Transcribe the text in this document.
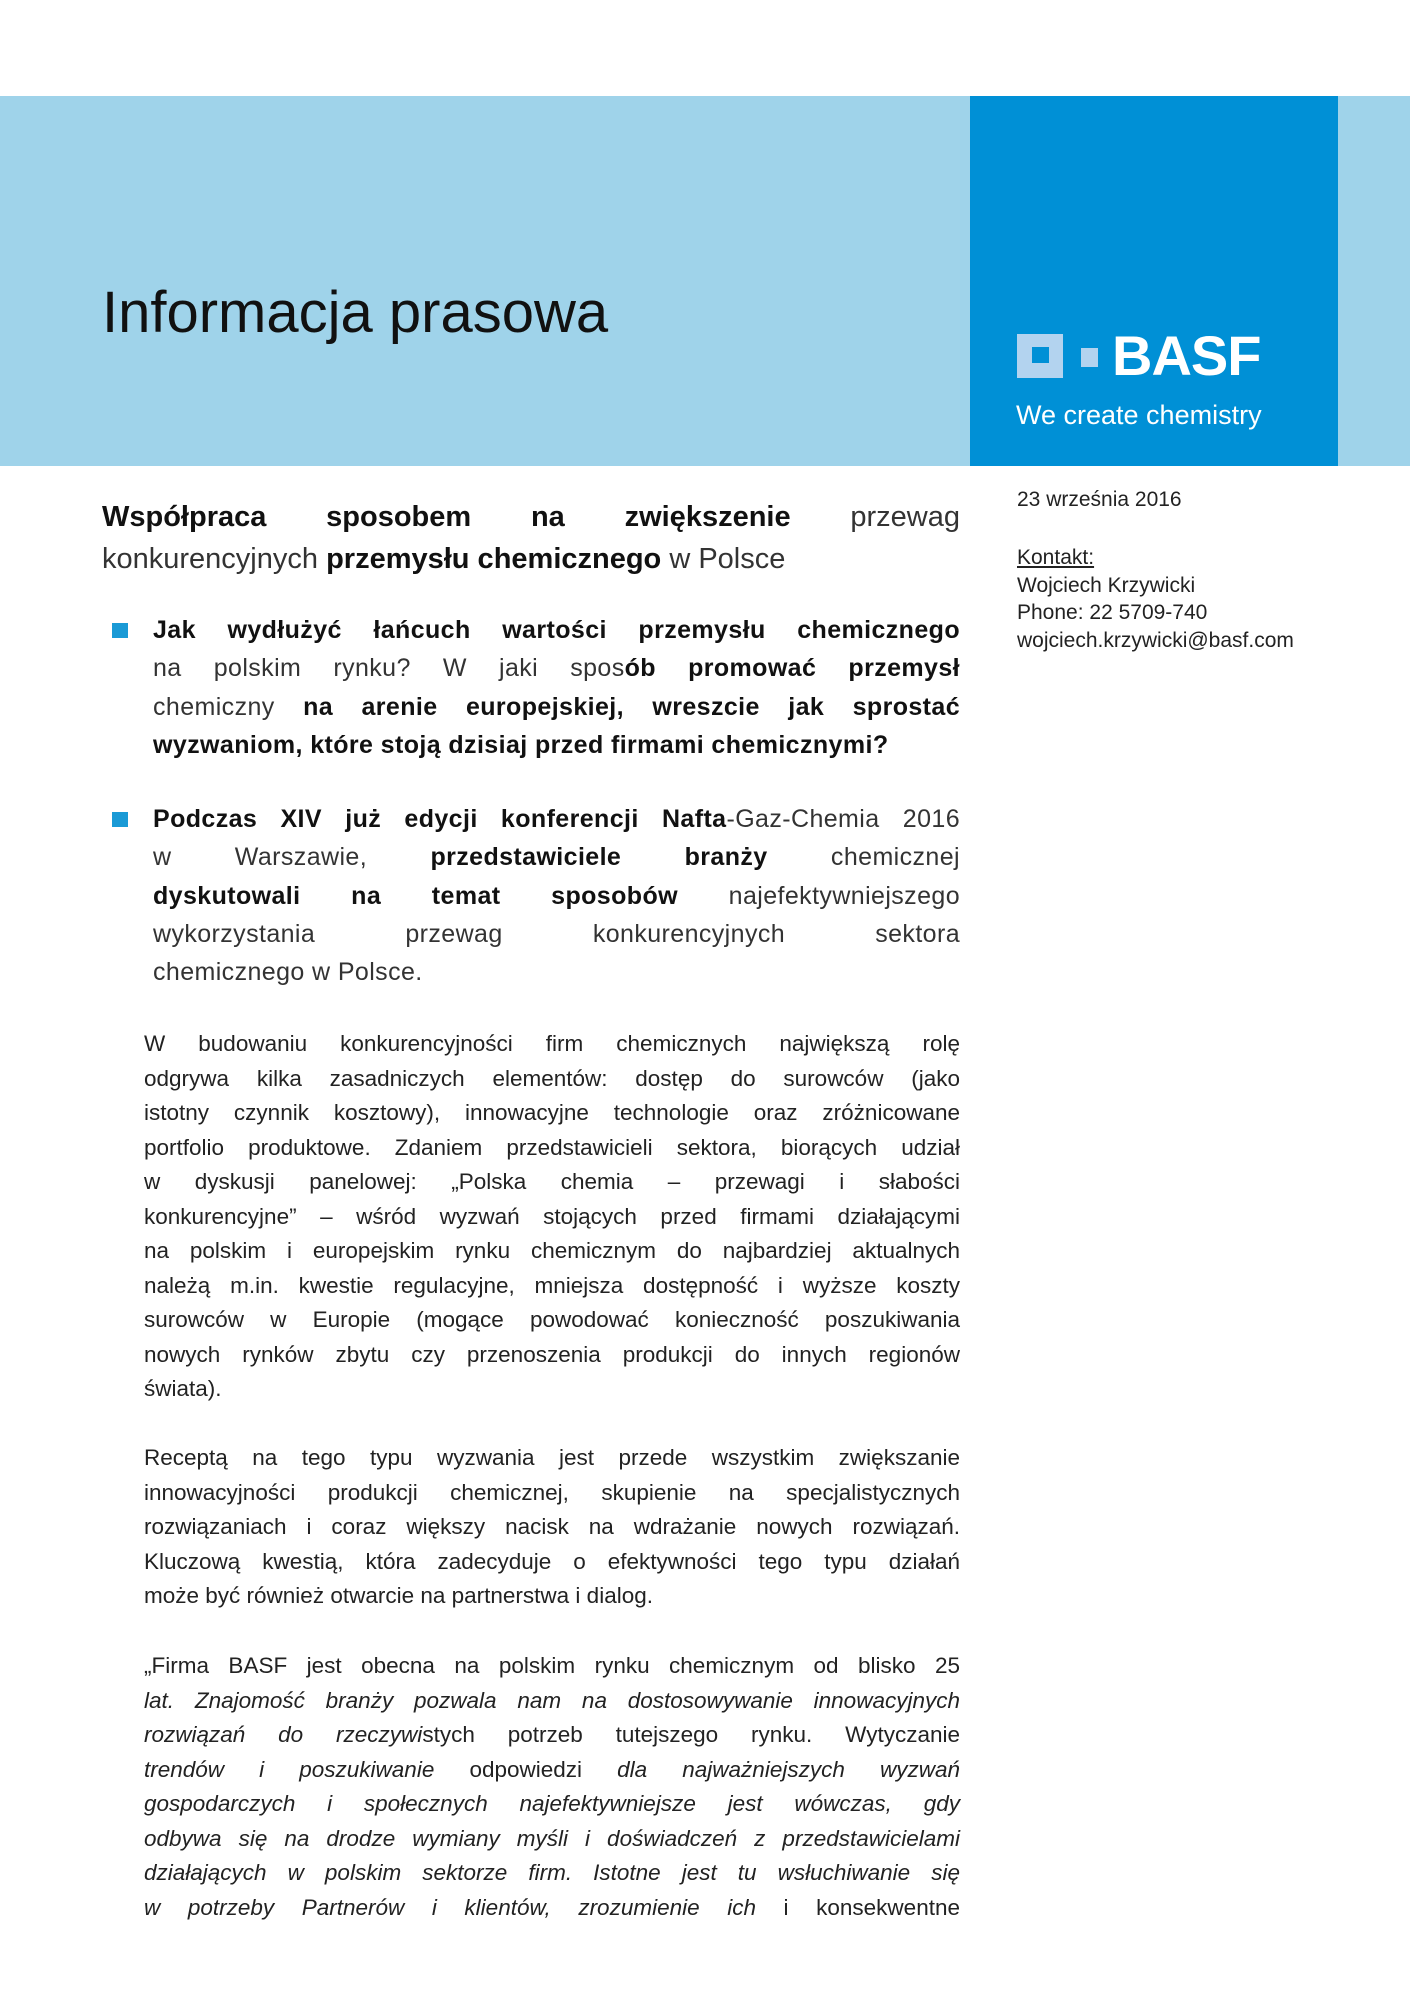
Informacja prasowa
BASF
We create chemistry
23 września 2016
Kontakt:
Wojciech Krzywicki
Phone: 22 5709-740
wojciech.krzywicki@basf.com
Współpraca sposobem na zwiększenie przewag
konkurencyjnych przemysłu chemicznego w Polsce
Jak wydłużyć łańcuch wartości przemysłu chemicznego
na polskim rynku? W jaki sposób promować przemysł
chemiczny na arenie europejskiej, wreszcie jak sprostać
wyzwaniom, które stoją dzisiaj przed firmami chemicznymi?
Podczas XIV już edycji konferencji Nafta-Gaz-Chemia 2016
w Warszawie, przedstawiciele branży chemicznej
dyskutowali na temat sposobów najefektywniejszego
wykorzystania przewag konkurencyjnych sektora
chemicznego w Polsce.
W budowaniu konkurencyjności firm chemicznych największą rolę
odgrywa kilka zasadniczych elementów: dostęp do surowców (jako
istotny czynnik kosztowy), innowacyjne technologie oraz zróżnicowane
portfolio produktowe. Zdaniem przedstawicieli sektora, biorących udział
w dyskusji panelowej: „Polska chemia – przewagi i słabości
konkurencyjne” – wśród wyzwań stojących przed firmami działającymi
na polskim i europejskim rynku chemicznym do najbardziej aktualnych
należą m.in. kwestie regulacyjne, mniejsza dostępność i wyższe koszty
surowców w Europie (mogące powodować konieczność poszukiwania
nowych rynków zbytu czy przenoszenia produkcji do innych regionów
świata).
Receptą na tego typu wyzwania jest przede wszystkim zwiększanie
innowacyjności produkcji chemicznej, skupienie na specjalistycznych
rozwiązaniach i coraz większy nacisk na wdrażanie nowych rozwiązań.
Kluczową kwestią, która zadecyduje o efektywności tego typu działań
może być również otwarcie na partnerstwa i dialog.
„Firma BASF jest obecna na polskim rynku chemicznym od blisko 25
lat. Znajomość branży pozwala nam na dostosowywanie innowacyjnych
rozwiązań do rzeczywistych potrzeb tutejszego rynku. Wytyczanie
trendów i poszukiwanie odpowiedzi dla najważniejszych wyzwań
gospodarczych i społecznych najefektywniejsze jest wówczas, gdy
odbywa się na drodze wymiany myśli i doświadczeń z przedstawicielami
działających w polskim sektorze firm. Istotne jest tu wsłuchiwanie się
w potrzeby Partnerów i klientów, zrozumienie ich i konsekwentne
